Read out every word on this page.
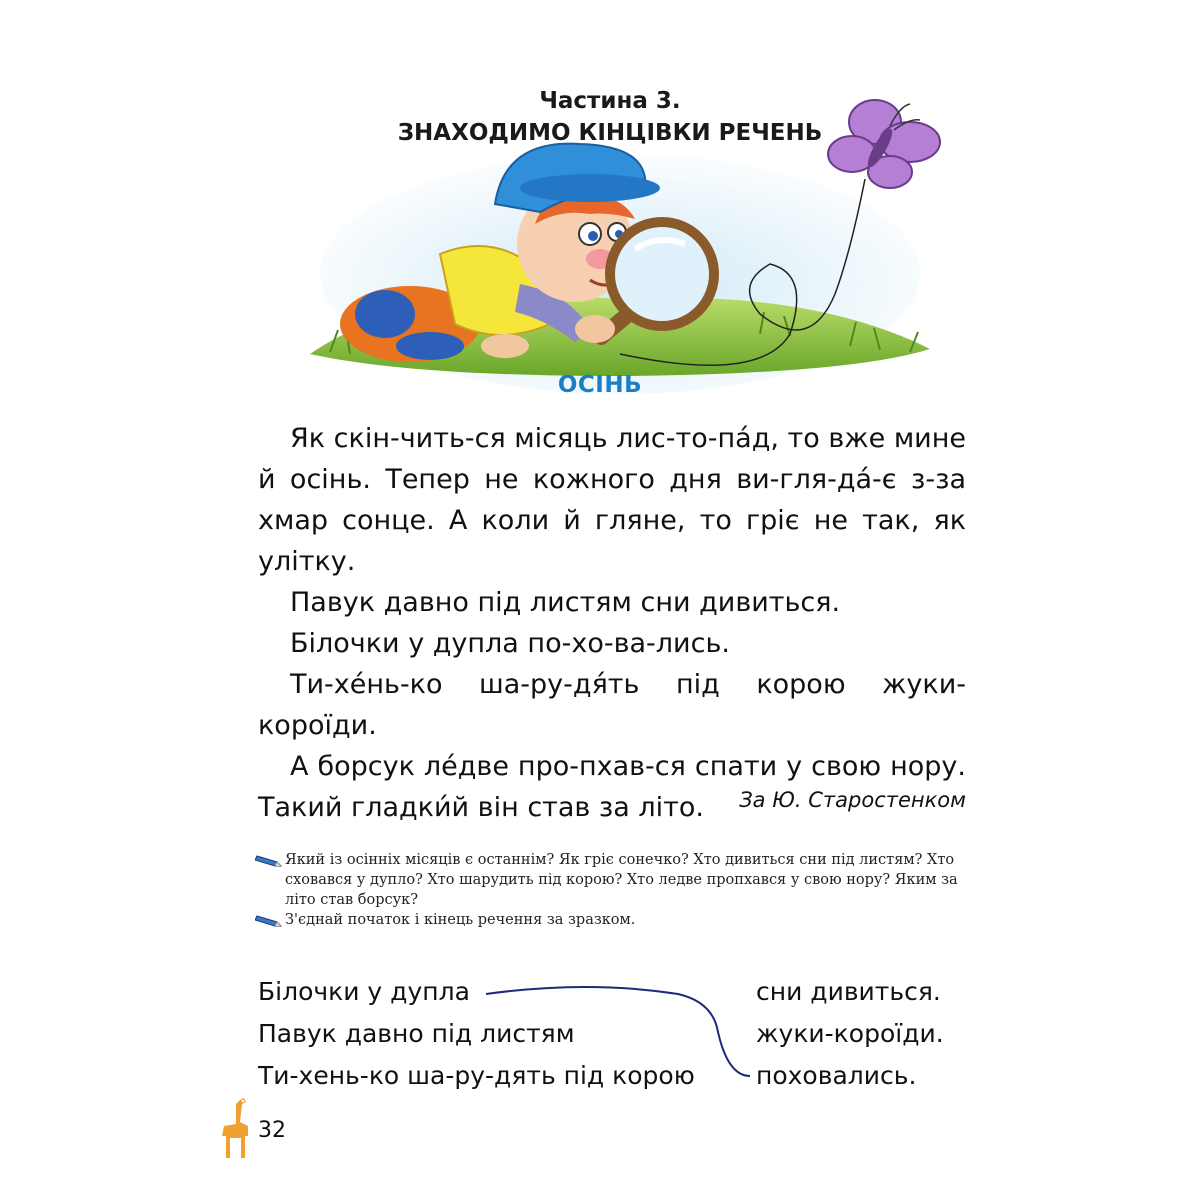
Частина 3.
ЗНАХОДИМО КІНЦІВКИ РЕЧЕНЬ
ОСІНЬ

Як скін-чить-ся місяць лис-то-па́д, то вже мине й осінь. Тепер не кожного дня ви-гля-да́-є з-за хмар сонце. А коли й гляне, то гріє не так, як улітку.

Павук давно під листям сни дивиться.

Білочки у дупла по-хо-ва-лись.

Ти-хе́нь-ко ша-ру-дя́ть під корою жуки-короїди.

А борсук ле́две про-пхав-ся спати у свою нору. Такий гладки́й він став за літо.	За Ю. Старостенком

Який із осінніх місяців є останнім? Як гріє сонечко? Хто дивиться сни під листям? Хто сховався у дупло? Хто шарудить під корою? Хто ледве пропхався у свою нору? Яким за літо став борсук?

З'єднай початок і кінець речення за зразком.

Білочки у дупла
Павук давно під листям
Ти-хень-ко ша-ру-дять під корою
сни дивиться.
жуки-короїди.
поховались.
32
